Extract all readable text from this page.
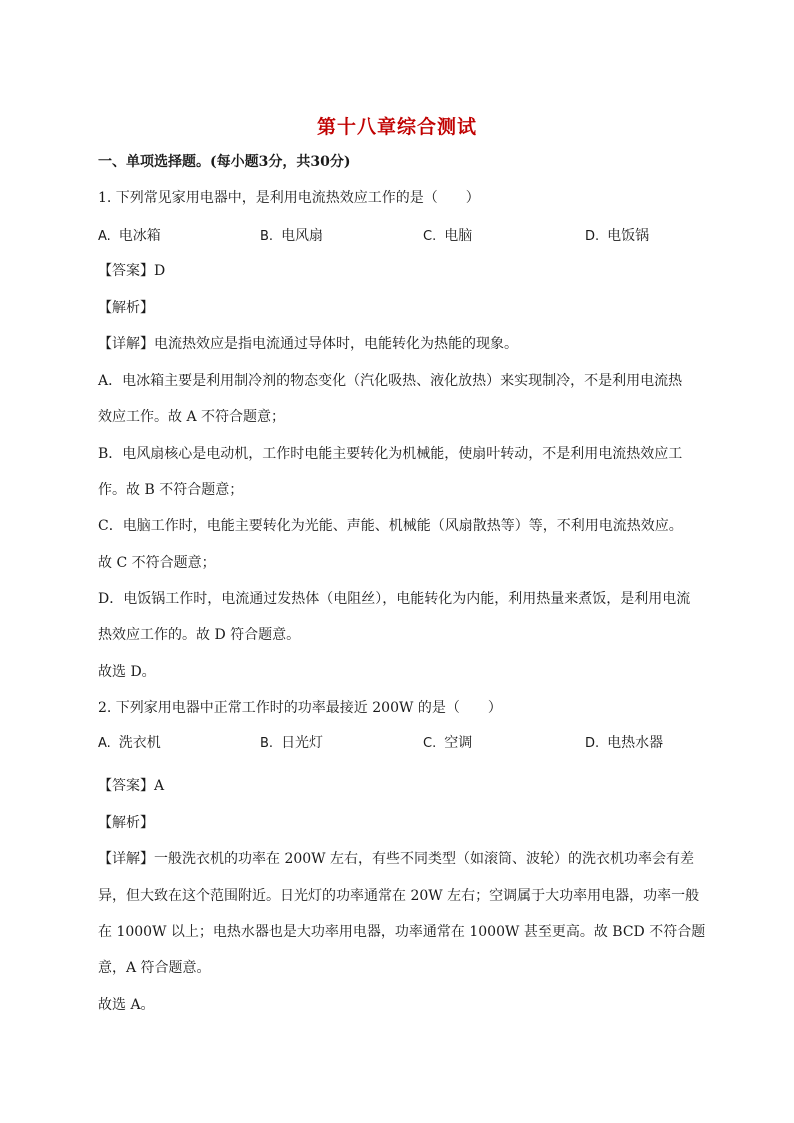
第十八章综合测试
一、单项选择题。(每小题3分，共30分)
1. 下列常见家用电器中，是利用电流热效应工作的是（　　）
A. 电冰箱	B. 电风扇	C. 电脑	D. 电饭锅
【答案】D
【解析】
【详解】电流热效应是指电流通过导体时，电能转化为热能的现象。
A．电冰箱主要是利用制冷剂的物态变化（汽化吸热、液化放热）来实现制冷，不是利用电流热
效应工作。故 A 不符合题意；
B．电风扇核心是电动机，工作时电能主要转化为机械能，使扇叶转动，不是利用电流热效应工
作。故 B 不符合题意；
C．电脑工作时，电能主要转化为光能、声能、机械能（风扇散热等）等，不利用电流热效应。
故 C 不符合题意；
D．电饭锅工作时，电流通过发热体（电阻丝），电能转化为内能，利用热量来煮饭，是利用电流
热效应工作的。故 D 符合题意。
故选 D。
2. 下列家用电器中正常工作时的功率最接近 200W 的是（　　）
A. 洗衣机	B. 日光灯	C. 空调	D. 电热水器
【答案】A
【解析】
【详解】一般洗衣机的功率在 200W 左右，有些不同类型（如滚筒、波轮）的洗衣机功率会有差
异，但大致在这个范围附近。日光灯的功率通常在 20W 左右；空调属于大功率用电器，功率一般
在 1000W 以上；电热水器也是大功率用电器，功率通常在 1000W 甚至更高。故 BCD 不符合题
意，A 符合题意。
故选 A。
